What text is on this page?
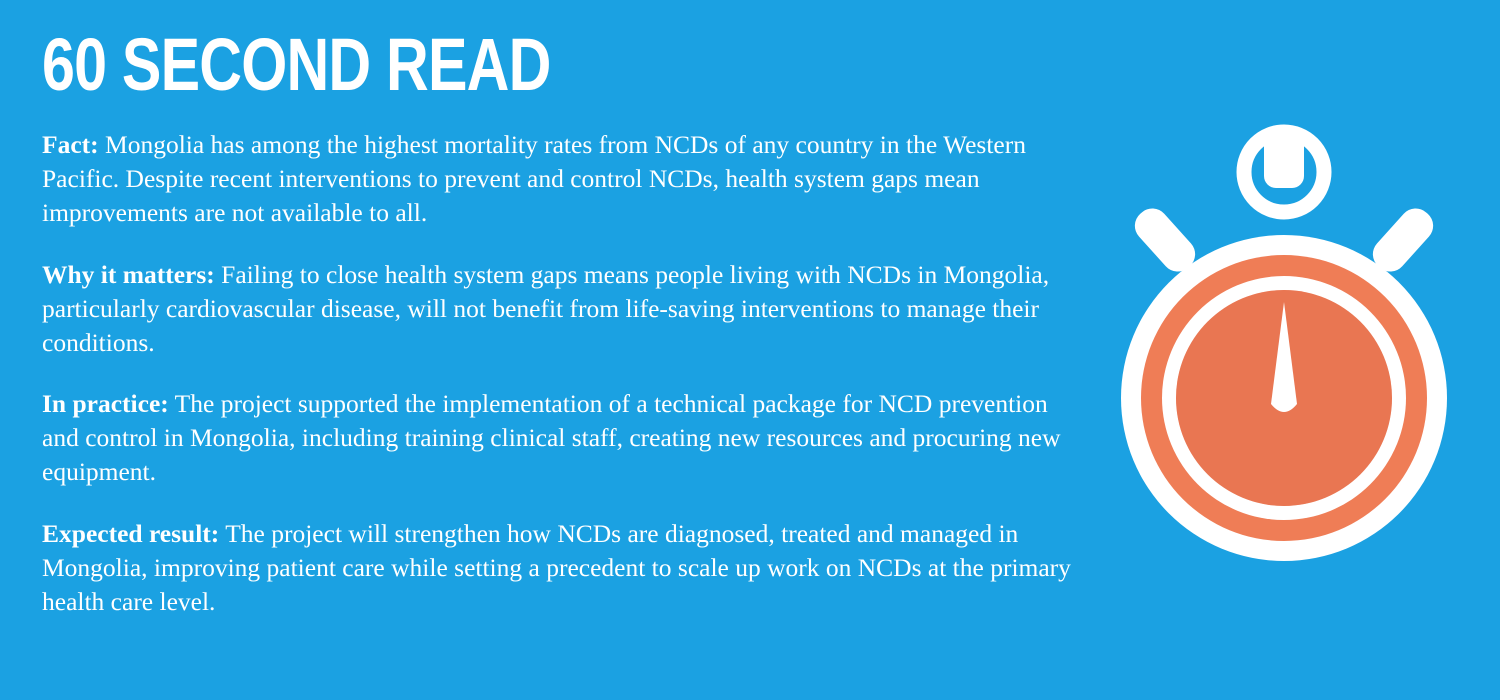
60 SECOND READ

Fact: Mongolia has among the highest mortality rates from NCDs of any country in the Western Pacific. Despite recent interventions to prevent and control NCDs, health system gaps mean improvements are not available to all.

Why it matters: Failing to close health system gaps means people living with NCDs in Mongolia, particularly cardiovascular disease, will not benefit from life-saving interventions to manage their conditions.

In practice: The project supported the implementation of a technical package for NCD prevention and control in Mongolia, including training clinical staff, creating new resources and procuring new equipment.

Expected result: The project will strengthen how NCDs are diagnosed, treated and managed in Mongolia, improving patient care while setting a precedent to scale up work on NCDs at the primary health care level.
